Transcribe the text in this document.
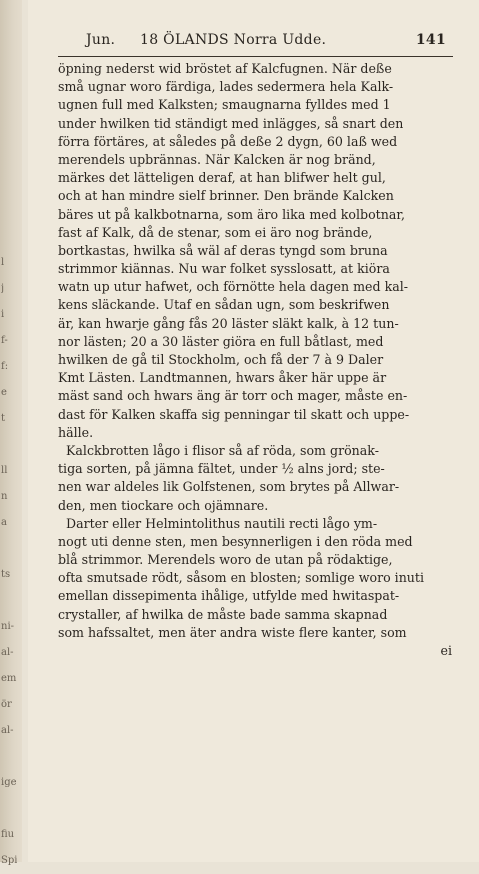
l
j
i
f-
f:
e
t
ll
n
a
ts
ni-
al-
em
ör
al-
ige
fiu
Spi
Jun. 18 ÖLANDS Norra Udde.	141
öpning nederst wid bröstet af Kalcfugnen. När deße
små ugnar woro färdiga, lades sedermera hela Kalk-
ugnen full med Kalksten; smaugnarna fylldes med 1
under hwilken tid ständigt med inlägges, så snart den
förra förtäres, at således på deße 2 dygn, 60 laß wed
merendels upbrännas. När Kalcken är nog bränd,
märkes det lätteligen deraf, at han blifwer helt gul,
och at han mindre sielf brinner. Den brände Kalcken
bäres ut på kalkbotnarna, som äro lika med kolbotnar,
fast af Kalk, då de stenar, som ei äro nog brände,
bortkastas, hwilka så wäl af deras tyngd som bruna
strimmor kiännas. Nu war folket sysslosatt, at kiöra
watn up utur hafwet, och förnötte hela dagen med kal-
kens släckande. Utaf en sådan ugn, som beskrifwen
är, kan hwarje gång fås 20 läster släkt kalk, à 12 tun-
nor lästen; 20 a 30 läster giöra en full båtlast, med
hwilken de gå til Stockholm, och få der 7 à 9 Daler
Kmt Lästen. Landtmannen, hwars åker här uppe är
mäst sand och hwars äng är torr och mager, måste en-
dast för Kalken skaffa sig penningar til skatt och uppe-
hälle.
Kalckbrotten lågo i flisor så af röda, som grönak-
tiga sorten, på jämna fältet, under ½ alns jord; ste-
nen war aldeles lik Golfstenen, som brytes på Allwar-
den, men tiockare och ojämnare.
Darter eller Helmintolithus nautili recti lågo ym-
nogt uti denne sten, men besynnerligen i den röda med
blå strimmor. Merendels woro de utan på rödaktige,
ofta smutsade rödt, såsom en blosten; somlige woro inuti
emellan dissepimenta ihålige, utfylde med hwitaspat-
crystaller, af hwilka de måste bade samma skapnad
som hafssaltet, men äter andra wiste flere kanter, som
ei
